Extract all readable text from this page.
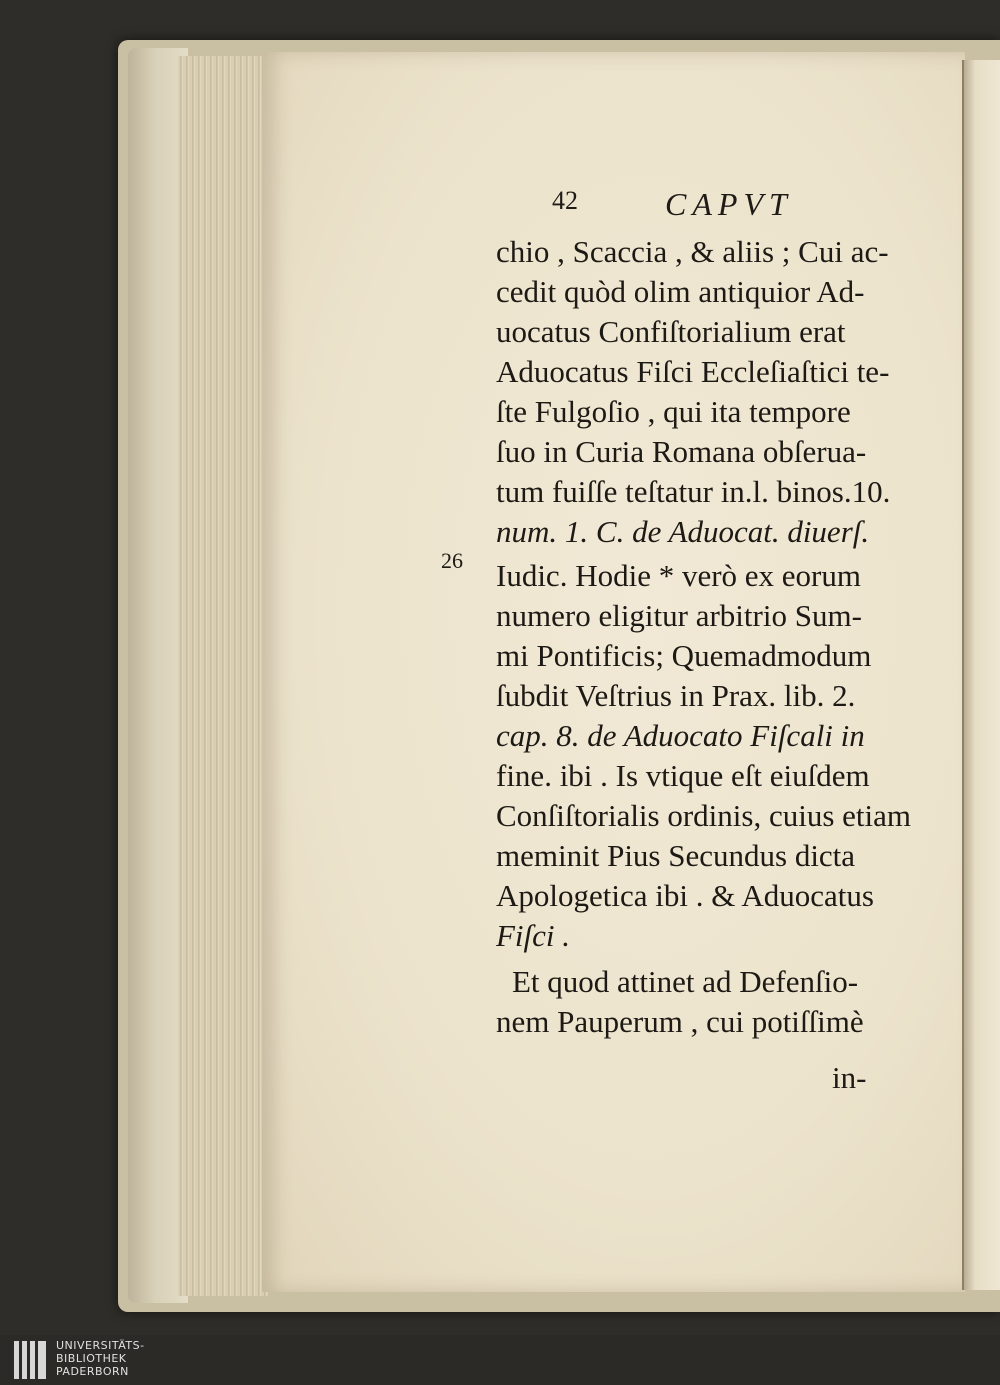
42	CAPVT
26
chio , Scaccia , & aliis ; Cui ac-
cedit quòd olim antiquior Ad-
uocatus Confiſtorialium erat
Aduocatus Fiſci Eccleſiaſtici te-
ſte Fulgoſio , qui ita tempore
ſuo in Curia Romana obſerua-
tum fuiſſe teſtatur in.l. binos.10.
num. 1. C. de Aduocat. diuerſ.
Iudic. Hodie * verò ex eorum
numero eligitur arbitrio Sum-
mi Pontificis; Quemadmodum
ſubdit Veſtrius in Prax. lib. 2.
cap. 8. de Aduocato Fiſcali in
fine. ibi . Is vtique eſt eiuſdem
Conſiſtorialis ordinis, cuius etiam
meminit Pius Secundus dicta
Apologetica ibi . & Aduocatus
Fiſci .
Et quod attinet ad Defenſio-
nem Pauperum , cui potiſſimè
in-
UNIVERSITÄTS-
BIBLIOTHEK
PADERBORN
